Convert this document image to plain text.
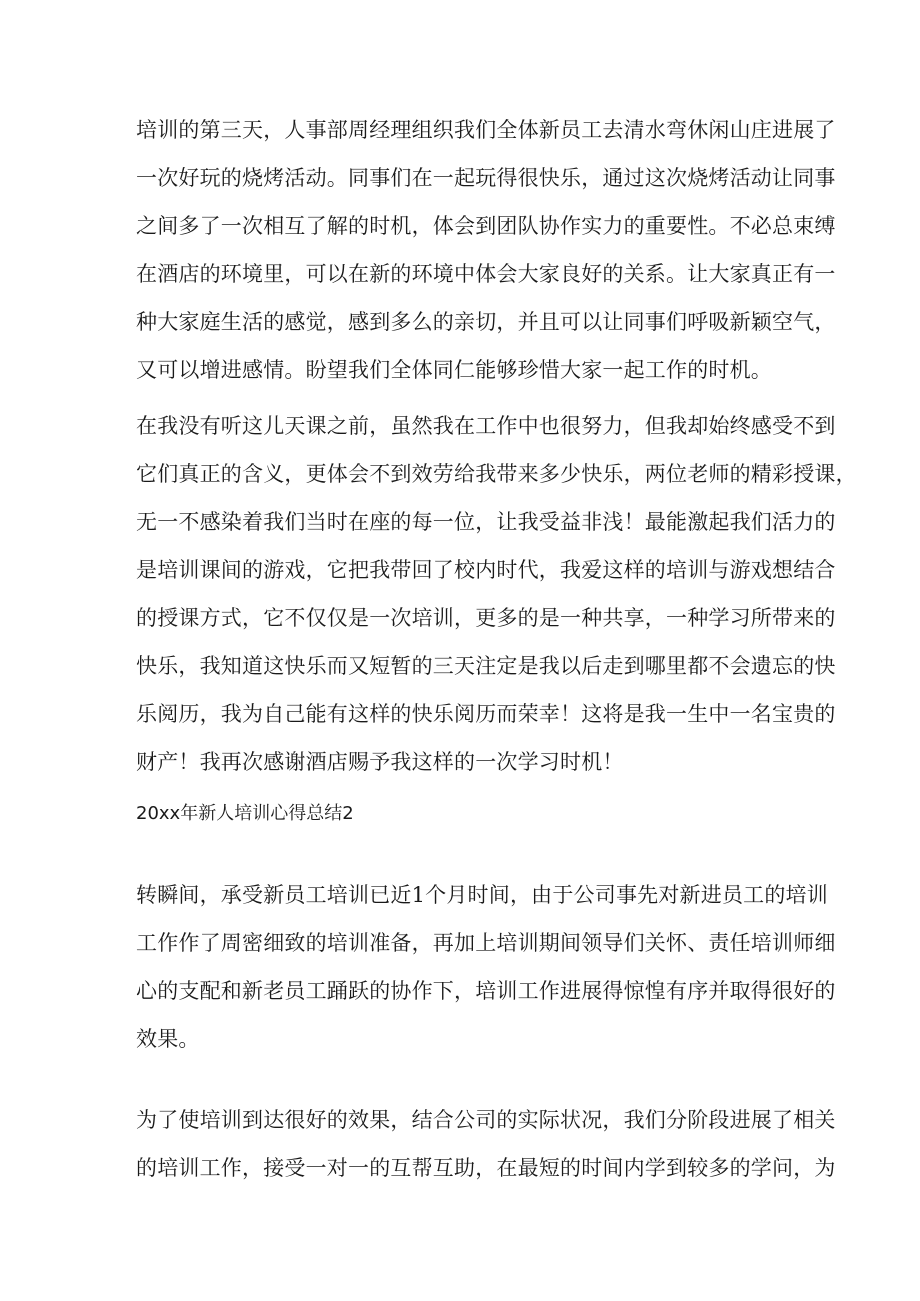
培训的第三天，人事部周经理组织我们全体新员工去清水弯休闲山庄进展了
一次好玩的烧烤活动。同事们在一起玩得很快乐，通过这次烧烤活动让同事
之间多了一次相互了解的时机，体会到团队协作实力的重要性。不必总束缚
在酒店的环境里，可以在新的环境中体会大家良好的关系。让大家真正有一
种大家庭生活的感觉，感到多么的亲切，并且可以让同事们呼吸新颖空气，
又可以增进感情。盼望我们全体同仁能够珍惜大家一起工作的时机。
在我没有听这儿天课之前，虽然我在工作中也很努力，但我却始终感受不到
它们真正的含义，更体会不到效劳给我带来多少快乐，两位老师的精彩授课，
无一不感染着我们当时在座的每一位，让我受益非浅！最能激起我们活力的
是培训课间的游戏，它把我带回了校内时代，我爱这样的培训与游戏想结合
的授课方式，它不仅仅是一次培训，更多的是一种共享，一种学习所带来的
快乐，我知道这快乐而又短暂的三天注定是我以后走到哪里都不会遗忘的快
乐阅历，我为自己能有这样的快乐阅历而荣幸！这将是我一生中一名宝贵的
财产！我再次感谢酒店赐予我这样的一次学习时机！

20xx年新人培训心得总结2

转瞬间，承受新员工培训已近1个月时间，由于公司事先对新进员工的培训
工作作了周密细致的培训准备，再加上培训期间领导们关怀、责任培训师细
心的支配和新老员工踊跃的协作下，培训工作进展得惊惶有序并取得很好的
效果。
为了使培训到达很好的效果，结合公司的实际状况，我们分阶段进展了相关
的培训工作，接受一对一的互帮互助，在最短的时间内学到较多的学问，为
